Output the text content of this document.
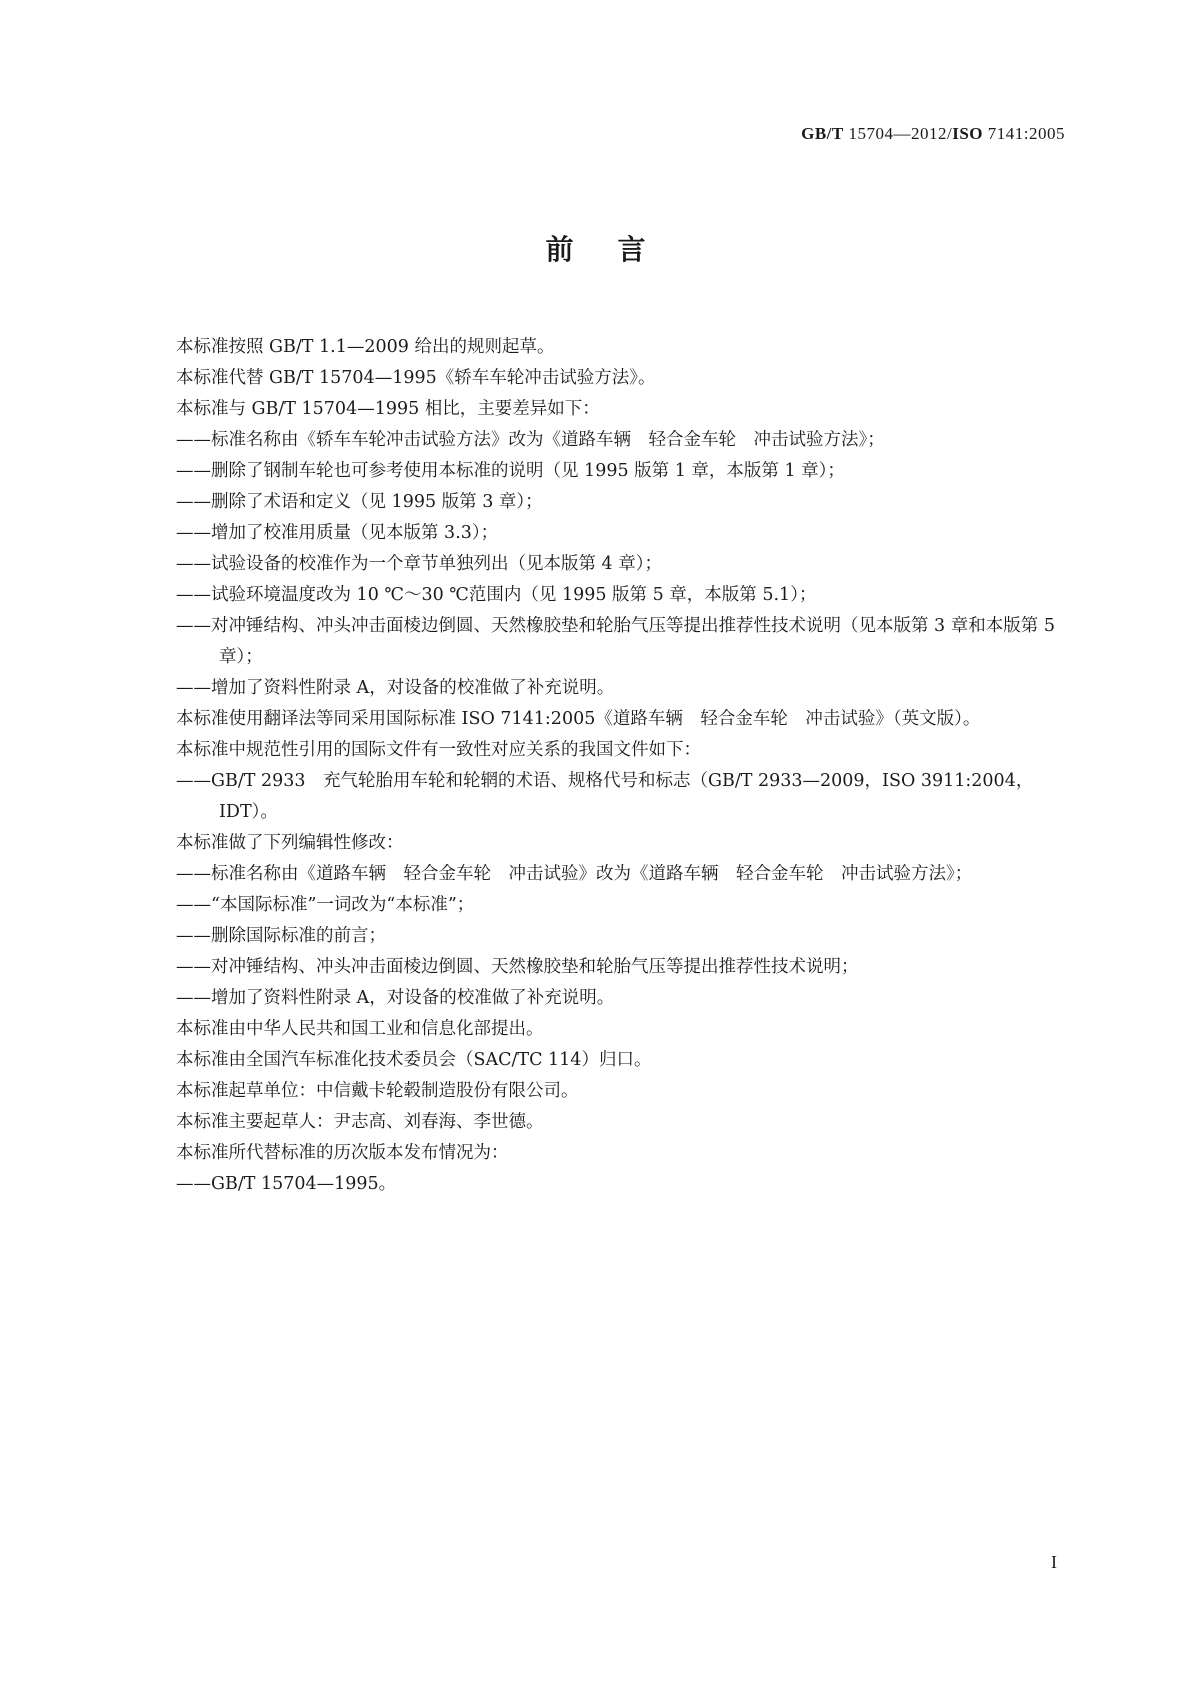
GB/T 15704—2012/ISO 7141:2005
前言

本标准按照 GB/T 1.1—2009 给出的规则起草。

本标准代替 GB/T 15704—1995《轿车车轮冲击试验方法》。

本标准与 GB/T 15704—1995 相比，主要差异如下：

——标准名称由《轿车车轮冲击试验方法》改为《道路车辆　轻合金车轮　冲击试验方法》；

——删除了钢制车轮也可参考使用本标准的说明（见 1995 版第 1 章，本版第 1 章）；

——删除了术语和定义（见 1995 版第 3 章）；

——增加了校准用质量（见本版第 3.3）；

——试验设备的校准作为一个章节单独列出（见本版第 4 章）；

——试验环境温度改为 10 ℃～30 ℃范围内（见 1995 版第 5 章，本版第 5.1）；

——对冲锤结构、冲头冲击面棱边倒圆、天然橡胶垫和轮胎气压等提出推荐性技术说明（见本版第 3 章和本版第 5 章）；

——增加了资料性附录 A，对设备的校准做了补充说明。

本标准使用翻译法等同采用国际标准 ISO 7141:2005《道路车辆　轻合金车轮　冲击试验》（英文版）。

本标准中规范性引用的国际文件有一致性对应关系的我国文件如下：

——GB/T 2933　充气轮胎用车轮和轮辋的术语、规格代号和标志（GB/T 2933—2009，ISO 3911:2004，IDT）。

本标准做了下列编辑性修改：

——标准名称由《道路车辆　轻合金车轮　冲击试验》改为《道路车辆　轻合金车轮　冲击试验方法》；

——“本国际标准”一词改为“本标准”；

——删除国际标准的前言；

——对冲锤结构、冲头冲击面棱边倒圆、天然橡胶垫和轮胎气压等提出推荐性技术说明；

——增加了资料性附录 A，对设备的校准做了补充说明。

本标准由中华人民共和国工业和信息化部提出。

本标准由全国汽车标准化技术委员会（SAC/TC 114）归口。

本标准起草单位：中信戴卡轮毂制造股份有限公司。

本标准主要起草人：尹志高、刘春海、李世德。

本标准所代替标准的历次版本发布情况为：

——GB/T 15704—1995。

I
